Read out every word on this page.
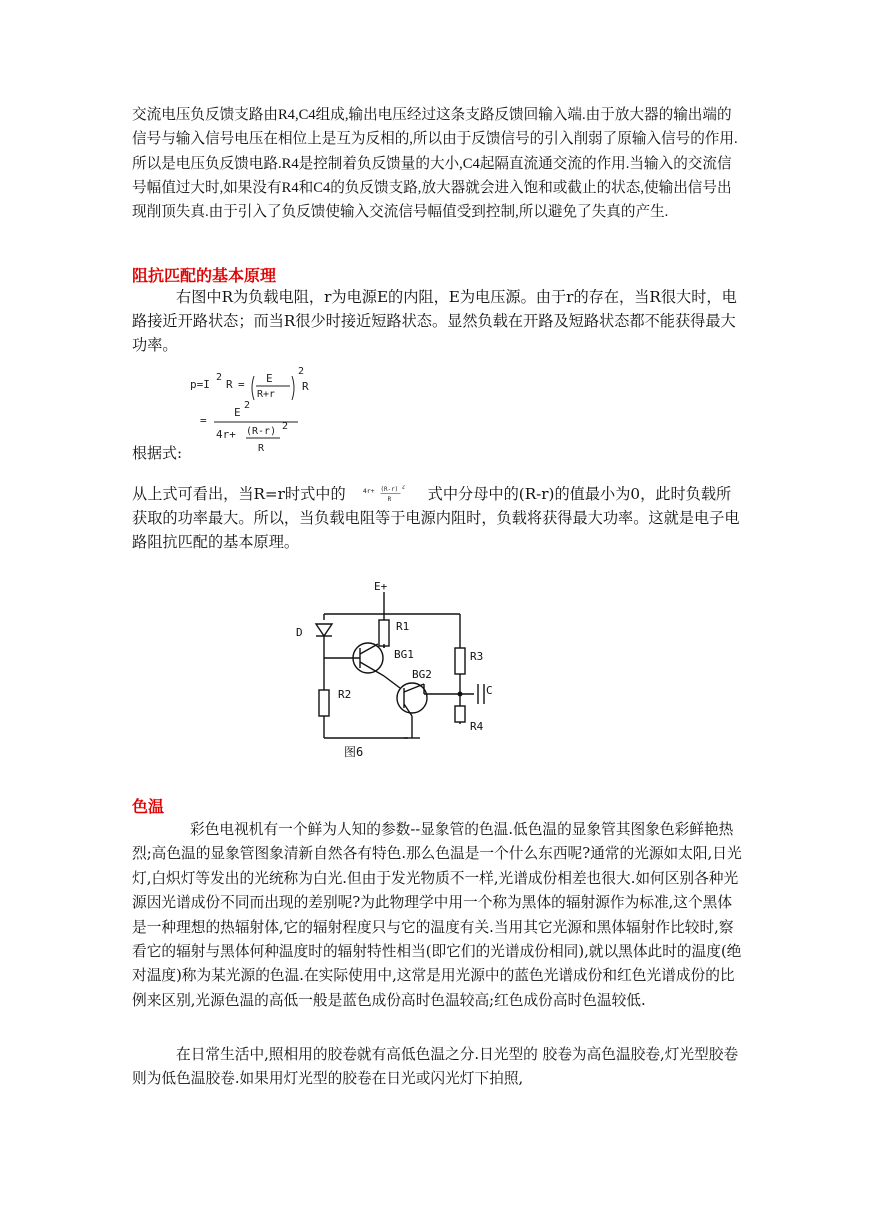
交流电压负反馈支路由R4,C4组成,输出电压经过这条支路反馈回输入端.由于放大器的输出端的信号与输入信号电压在相位上是互为反相的,所以由于反馈信号的引入削弱了原输入信号的作用.所以是电压负反馈电路.R4是控制着负反馈量的大小,C4起隔直流通交流的作用.当输入的交流信号幅值过大时,如果没有R4和C4的负反馈支路,放大器就会进入饱和或截止的状态,使输出信号出现削顶失真.由于引入了负反馈使输入交流信号幅值受到控制,所以避免了失真的产生.

阻抗匹配的基本原理

右图中R为负载电阻，r为电源E的内阻，E为电压源。由于r的存在，当R很大时，电路接近开路状态；而当R很少时接近短路状态。显然负载在开路及短路状态都不能获得最大功率。

p=I
2
R = E
R+r
2
R
=
E
2
4r+ (R-r) 2
R

根据式:

从上式可看出，当R=r时式中的 4r+ (R-r) 2
R 式中分母中的(R-r)的值最小为0，此时负载所获取的功率最大。所以，当负载电阻等于电源内阻时，负载将获得最大功率。这就是电子电路阻抗匹配的基本原理。
E+
R1
D
BG1	R3
BG2
R2	C
R4
图6

色温

彩色电视机有一个鲜为人知的参数--显象管的色温.低色温的显象管其图象色彩鲜艳热烈;高色温的显象管图象清新自然各有特色.那么色温是一个什么东西呢?通常的光源如太阳,日光灯,白炽灯等发出的光统称为白光.但由于发光物质不一样,光谱成份相差也很大.如何区别各种光源因光谱成份不同而出现的差别呢?为此物理学中用一个称为黑体的辐射源作为标准,这个黑体是一种理想的热辐射体,它的辐射程度只与它的温度有关.当用其它光源和黑体辐射作比较时,察看它的辐射与黑体何种温度时的辐射特性相当(即它们的光谱成份相同),就以黑体此时的温度(绝对温度)称为某光源的色温.在实际使用中,这常是用光源中的蓝色光谱成份和红色光谱成份的比例来区别,光源色温的高低一般是蓝色成份高时色温较高;红色成份高时色温较低.

在日常生活中,照相用的胶卷就有高低色温之分.日光型的 胶卷为高色温胶卷,灯光型胶卷则为低色温胶卷.如果用灯光型的胶卷在日光或闪光灯下拍照,
